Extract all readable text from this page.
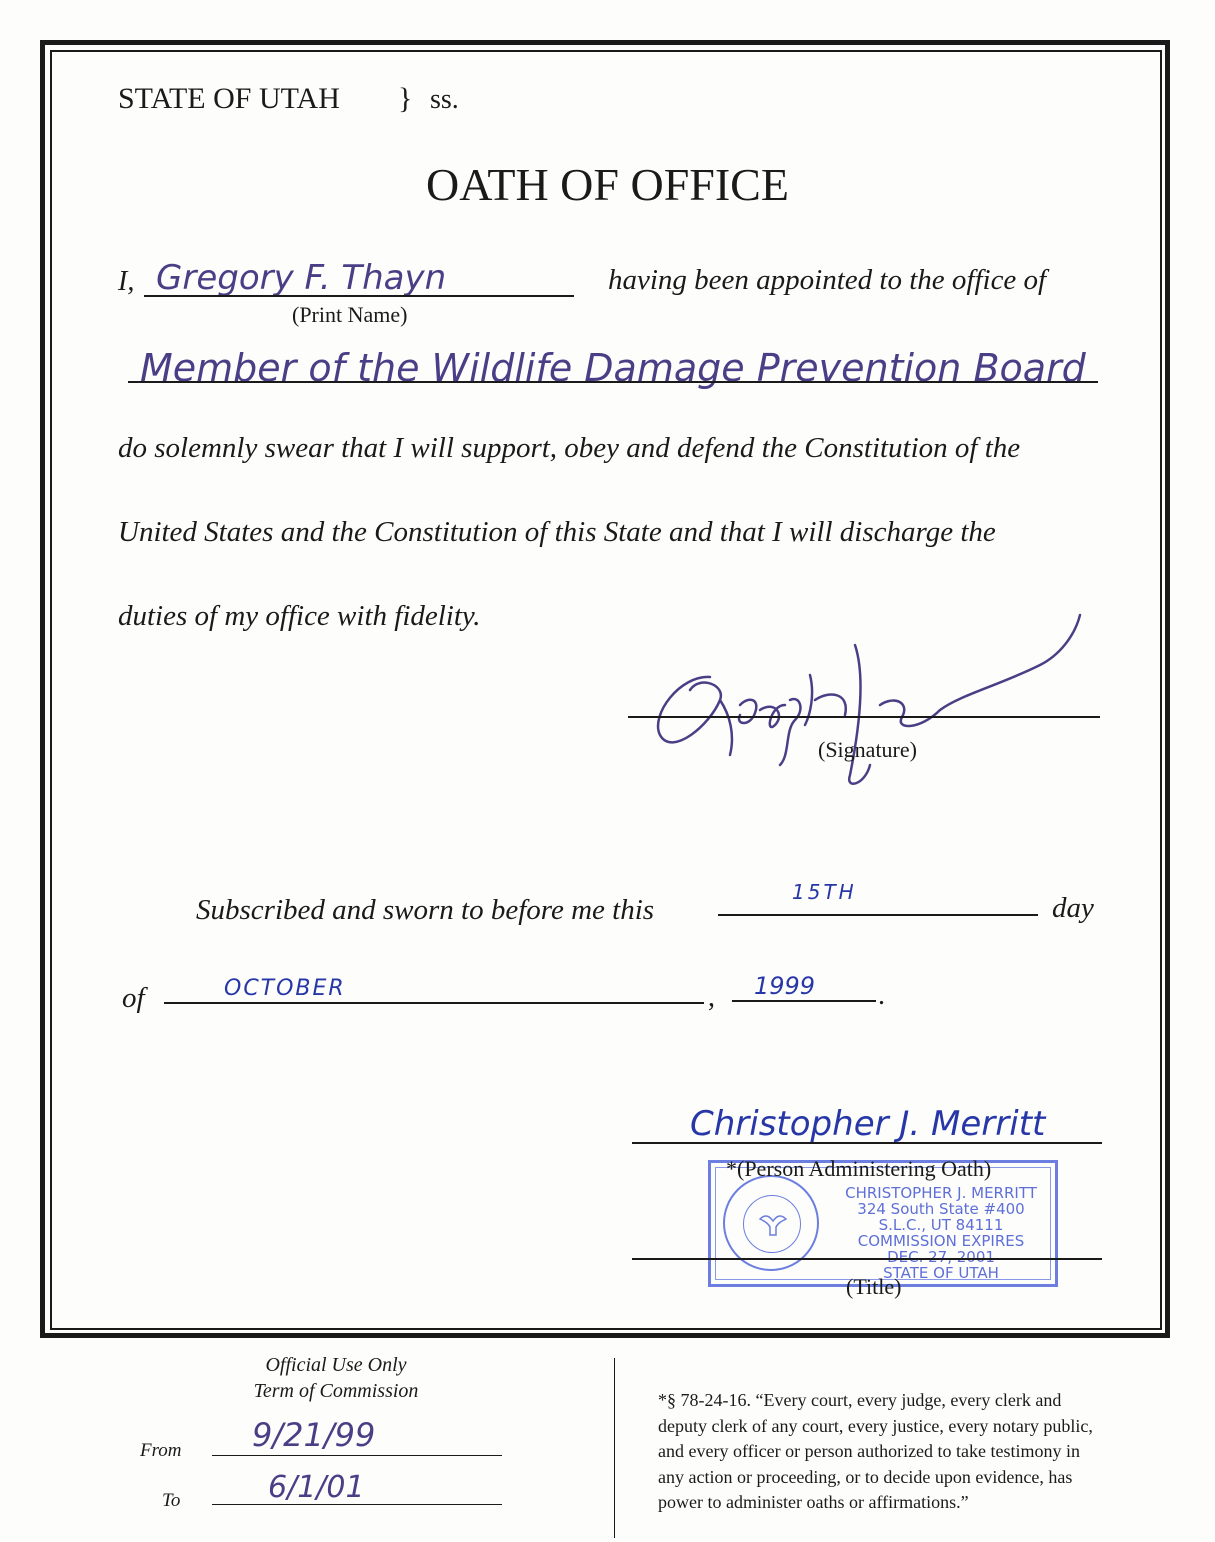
STATE OF UTAH } ss.
OATH OF OFFICE
I, Gregory F. Thayn
(Print Name)
having been appointed to the office of
Member of the Wildlife Damage Prevention Board
do solemnly swear that I will support, obey and defend the Constitution of the
United States and the Constitution of this State and that I will discharge the
duties of my office with fidelity.
(Signature)
Subscribed and sworn to before me this
15TH	day
of	OCTOBER	, 1999 .
Christopher J. Merritt
CHRISTOPHER J. MERRITT
324 South State #400
S.L.C., UT 84111
COMMISSION EXPIRES
DEC. 27, 2001
STATE OF UTAH
*(Person Administering Oath)
(Title)
Official Use Only
Term of Commission
From 9/21/99
To	6/1/01
*§ 78-24-16. “Every court, every judge, every clerk and
deputy clerk of any court, every justice, every notary public,
and every officer or person authorized to take testimony in
any action or proceeding, or to decide upon evidence, has
power to administer oaths or affirmations.”
